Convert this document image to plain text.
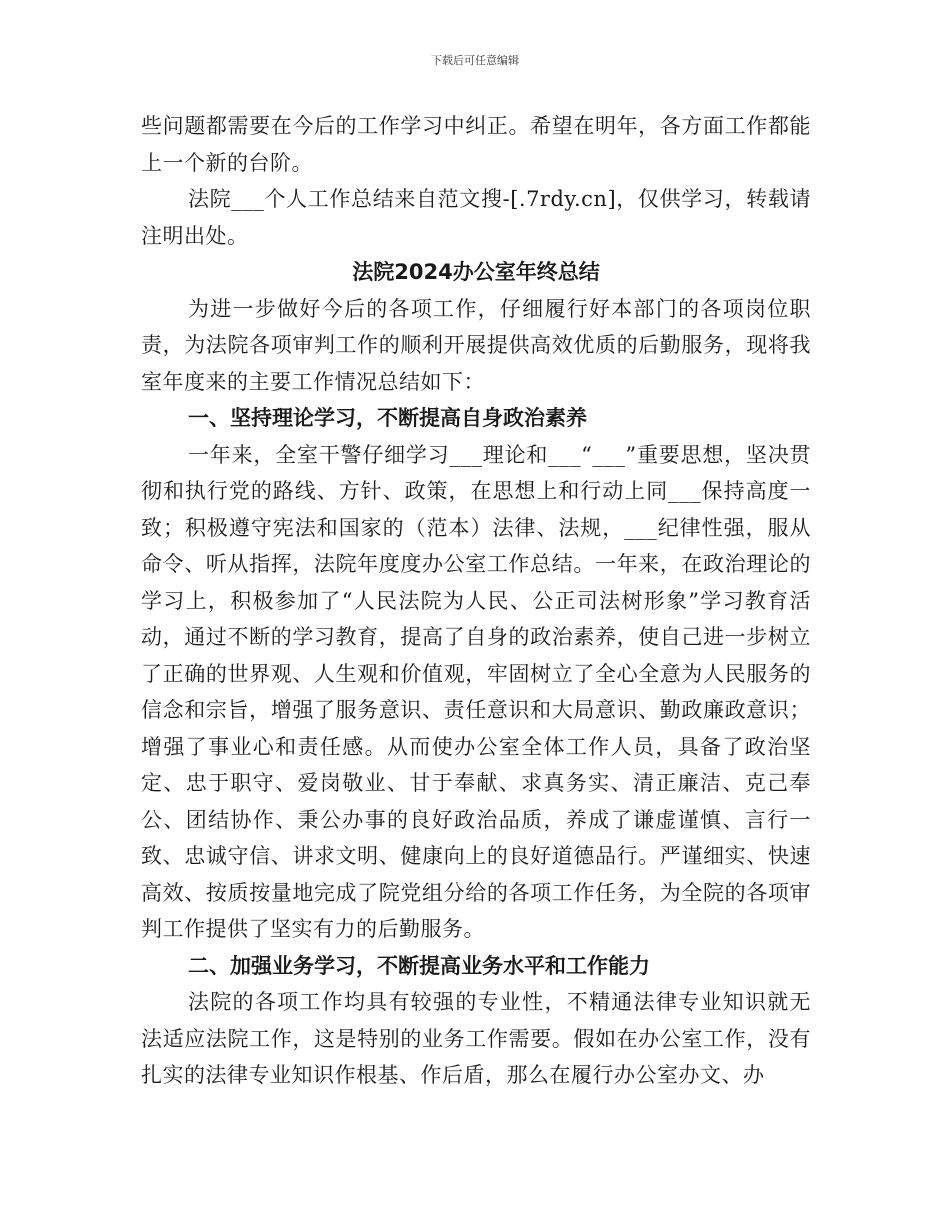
下载后可任意编辑

些问题都需要在今后的工作学习中纠正。希望在明年，各方面工作都能上一个新的台阶。

法院___个人工作总结来自范文搜-[.7rdy.cn]，仅供学习，转载请注明出处。

法院2024办公室年终总结

为进一步做好今后的各项工作，仔细履行好本部门的各项岗位职责，为法院各项审判工作的顺利开展提供高效优质的后勤服务，现将我室年度来的主要工作情况总结如下：

一、坚持理论学习，不断提高自身政治素养

一年来，全室干警仔细学习___理论和___“___”重要思想，坚决贯彻和执行党的路线、方针、政策，在思想上和行动上同___保持高度一致；积极遵守宪法和国家的（范本）法律、法规，___纪律性强，服从命令、听从指挥，法院年度度办公室工作总结。一年来，在政治理论的学习上，积极参加了“人民法院为人民、公正司法树形象”学习教育活动，通过不断的学习教育，提高了自身的政治素养，使自己进一步树立了正确的世界观、人生观和价值观，牢固树立了全心全意为人民服务的信念和宗旨，增强了服务意识、责任意识和大局意识、勤政廉政意识；增强了事业心和责任感。从而使办公室全体工作人员，具备了政治坚定、忠于职守、爱岗敬业、甘于奉献、求真务实、清正廉洁、克己奉公、团结协作、秉公办事的良好政治品质，养成了谦虚谨慎、言行一致、忠诚守信、讲求文明、健康向上的良好道德品行。严谨细实、快速高效、按质按量地完成了院党组分给的各项工作任务，为全院的各项审判工作提供了坚实有力的后勤服务。

二、加强业务学习，不断提高业务水平和工作能力

法院的各项工作均具有较强的专业性，不精通法律专业知识就无法适应法院工作，这是特别的业务工作需要。假如在办公室工作，没有扎实的法律专业知识作根基、作后盾，那么在履行办公室办文、办
